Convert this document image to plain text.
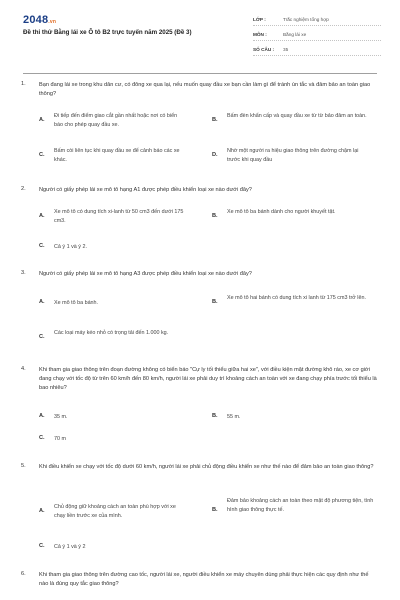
2048.vn
Đề thi thử Bằng lái xe Ô tô B2 trực tuyến năm 2025 (Đề 3)
LỚP :	Trắc nghiệm tổng hợp
MÔN :	Bằng lái xe
SỐ CÂU :	35
1. Bạn đang lái xe trong khu dân cư, có đông xe qua lại, nếu muốn quay đầu xe bạn cần làm gì để tránh ùn tắc và đảm bảo an toàn giao thông?
A.
Đi tiếp đến điểm giao cắt gần nhất hoặc nơi có biển báo cho phép quay đầu xe.
B.
Bấm đèn khẩn cấp và quay đầu xe từ từ bảo đảm an toàn.
C.
Bấm còi liên tục khi quay đầu xe để cảnh báo các xe khác.
D.
Nhờ một người ra hiệu giao thông trên đường chậm lại trước khi quay đầu
2. Người có giấy phép lái xe mô tô hạng A1 được phép điều khiển loại xe nào dưới đây?
A.
Xe mô tô có dung tích xi-lanh từ 50 cm3 đến dưới 175 cm3.
B.
Xe mô tô ba bánh dành cho người khuyết tật.
C.	Cả ý 1 và ý 2.
3. Người có giấy phép lái xe mô tô hạng A3 được phép điều khiển loại xe nào dưới đây?
A.	Xe mô tô ba bánh.	B.
Xe mô tô hai bánh có dung tích xi lanh từ 175 cm3 trở lên.
C.
Các loại máy kéo nhỏ có trọng tải đến 1.000 kg.
4. Khi tham gia giao thông trên đoạn đường không có biển báo "Cự ly tối thiểu giữa hai xe", với điều kiện mặt đường khô ráo, xe cơ giới đang chạy với tốc độ từ trên 60 km/h đến 80 km/h, người lái xe phải duy trì khoảng cách an toàn với xe đang chạy phía trước tối thiểu là bao nhiêu?
A.	35 m.	B.	55 m.
C.	70 m
5. Khi điều khiển xe chạy với tốc độ dưới 60 km/h, người lái xe phải chủ động điều khiển xe như thế nào để đảm bảo an toàn giao thông?
A.
Chủ động giữ khoảng cách an toàn phù hợp với xe chạy liền trước xe của mình.
B.
Đảm bảo khoảng cách an toàn theo mật độ phương tiện, tình hình giao thông thực tế.
C.	Cả ý 1 và ý 2
6. Khi tham gia giao thông trên đường cao tốc, người lái xe, người điều khiển xe máy chuyên dùng phải thực hiện các quy định như thế nào là đúng quy tắc giao thông?
